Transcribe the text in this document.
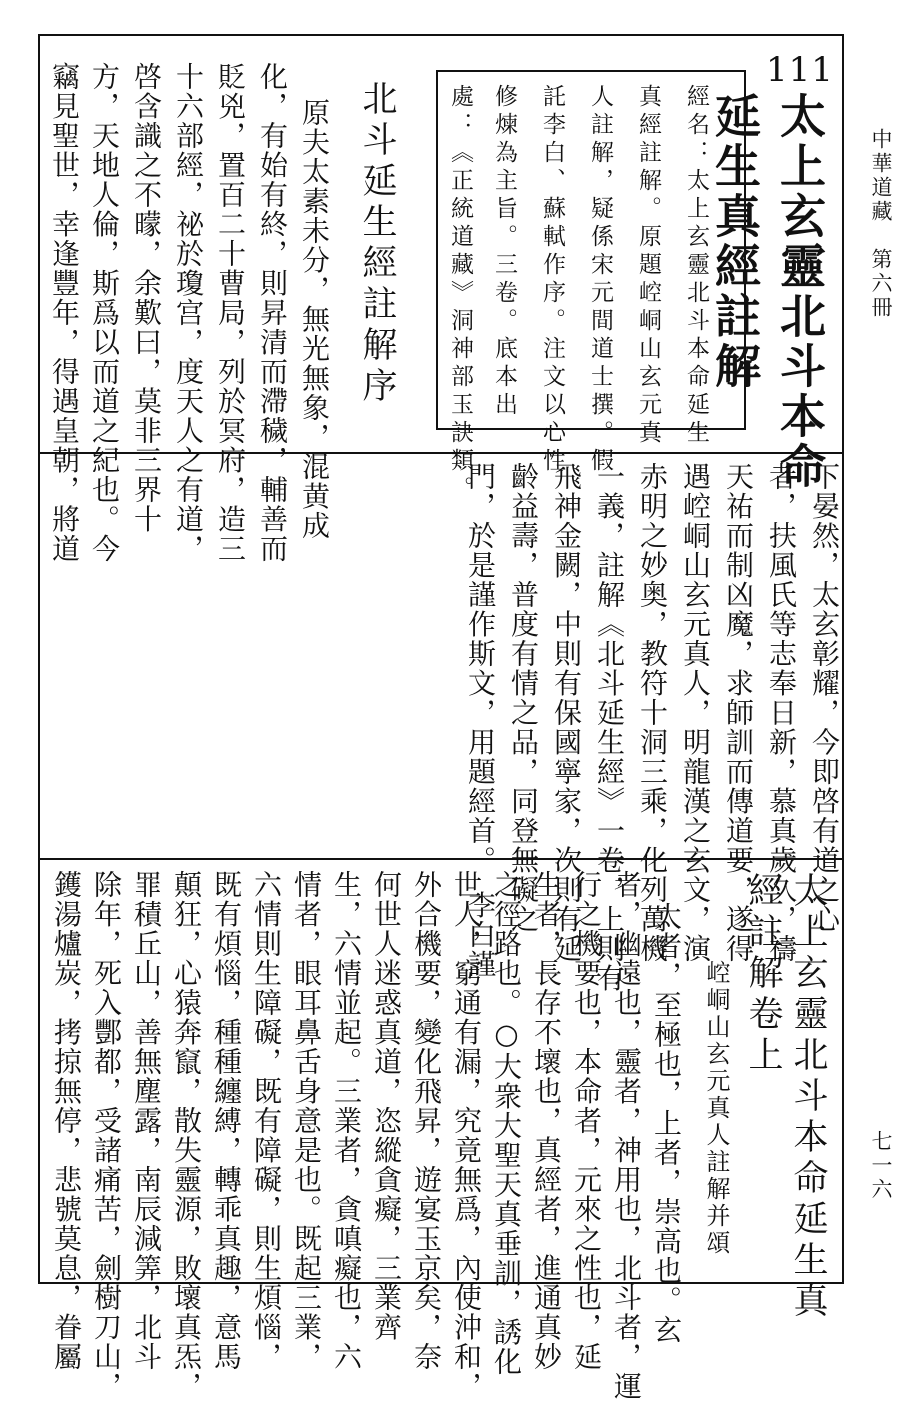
中華道藏　第六冊
七一六
111
太上玄靈北斗本命
延生真經註解
經名：太上玄靈北斗本命延生
真經註解。原題崆峒山玄元真
人註解，疑係宋元間道士撰。假
託李白、蘇軾作序。注文以心性
修煉為主旨。三卷。底本出
處：《正統道藏》洞神部玉訣類。
北斗延生經註解序
原夫太素未分，無光無象，混黄成
化，有始有終，則昇清而滯穢，輔善而
貶兇，置百二十曹局，列於冥府，造三
十六部經，祕於瓊宫，度天人之有道，
啓含識之不曚，余歎曰，莫非三界十
方，天地人倫，斯爲以而道之紀也。今
竊見聖世，幸逢豐年，得遇皇朝，將道
下晏然，太玄彰耀，今即啓有道之心
者，扶風氏等志奉日新，慕真歲久，禱
天祐而制凶魔，求師訓而傳道要，遂得
遇崆峒山玄元真人，明龍漢之玄文，演
赤明之妙奥，教符十洞三乘，化列萬機
一義，註解《北斗延生經》一卷，上則有
飛神金闕，中則有保國寧家，次則有延
齡益壽，普度有情之品，同登無礙之
門，於是謹作斯文，用題經首。　李白謹
太上玄靈北斗本命延生真
經註解卷上
崆峒山玄元真人註解并頌
太者，至極也，上者，崇高也。玄
者，幽遠也，靈者，神用也，北斗者，運
行之機要也，本命者，元來之性也，延
生者，長存不壞也，真經者，進通真妙
之徑路也。○大衆大聖天真垂訓，誘化
世人，窮通有漏，究竟無爲，內使沖和，
外合機要，變化飛昇，遊宴玉京矣，奈
何世人迷惑真道，恣縱貪癡，三業齊
生，六情並起。三業者，貪嗔癡也，六
情者，眼耳鼻舌身意是也。既起三業，
六情則生障礙，既有障礙，則生煩惱，
既有煩惱，種種纏縛，轉乖真趣，意馬
顛狂，心猿奔竄，散失靈源，敗壞真炁，
罪積丘山，善無塵露，南辰減筭，北斗
除年，死入酆都，受諸痛苦，劍樹刀山，
鑊湯爐炭，拷掠無停，悲號莫息，眷屬
